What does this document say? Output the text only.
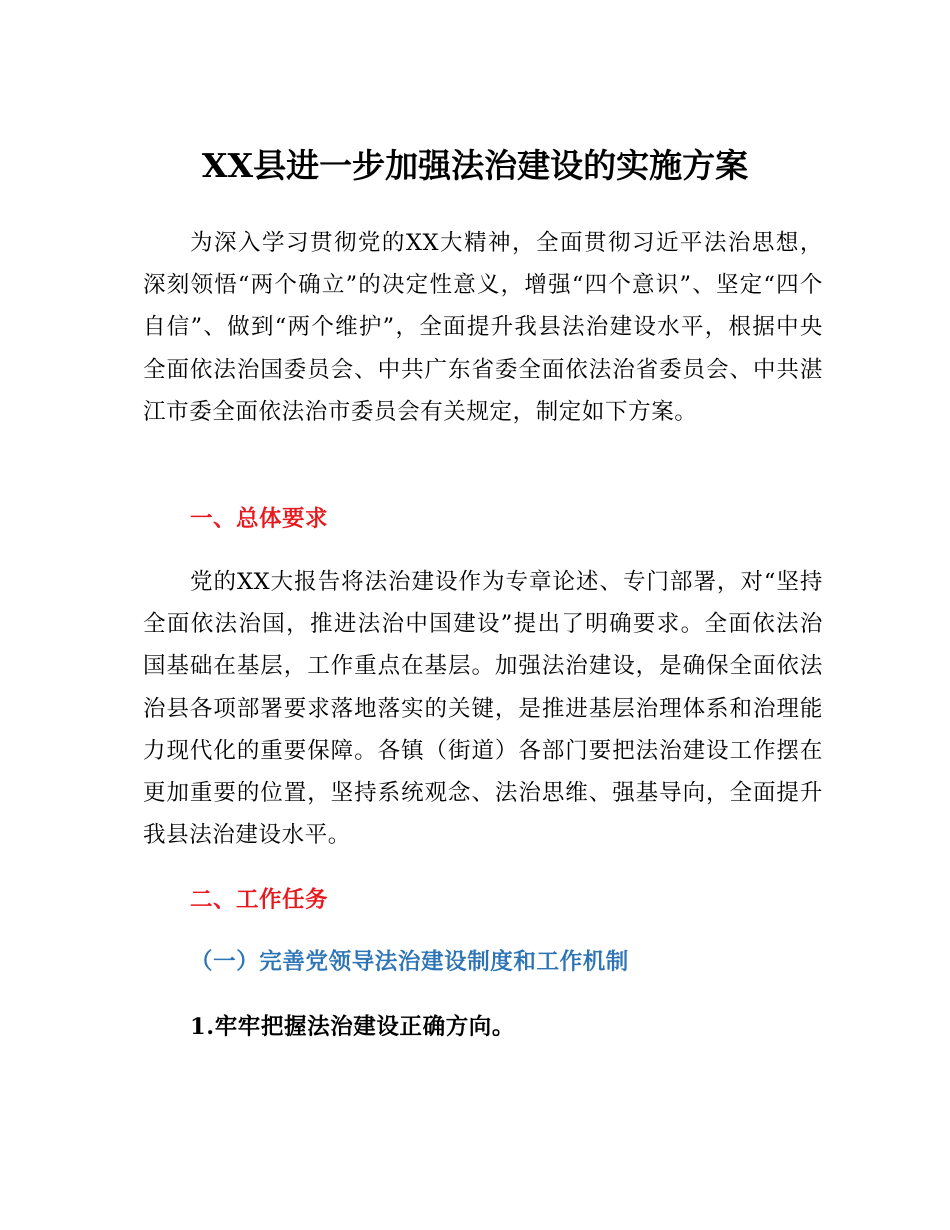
XX县进一步加强法治建设的实施方案

为深入学习贯彻党的XX大精神，全面贯彻习近平法治思想，深刻领悟“两个确立”的决定性意义，增强“四个意识”、坚定“四个自信”、做到“两个维护”，全面提升我县法治建设水平，根据中央全面依法治国委员会、中共广东省委全面依法治省委员会、中共湛江市委全面依法治市委员会有关规定，制定如下方案。

一、总体要求

党的XX大报告将法治建设作为专章论述、专门部署，对“坚持全面依法治国，推进法治中国建设”提出了明确要求。全面依法治国基础在基层，工作重点在基层。加强法治建设，是确保全面依法治县各项部署要求落地落实的关键，是推进基层治理体系和治理能力现代化的重要保障。各镇（街道）各部门要把法治建设工作摆在更加重要的位置，坚持系统观念、法治思维、强基导向，全面提升我县法治建设水平。

二、工作任务
（一）完善党领导法治建设制度和工作机制
1.牢牢把握法治建设正确方向。
